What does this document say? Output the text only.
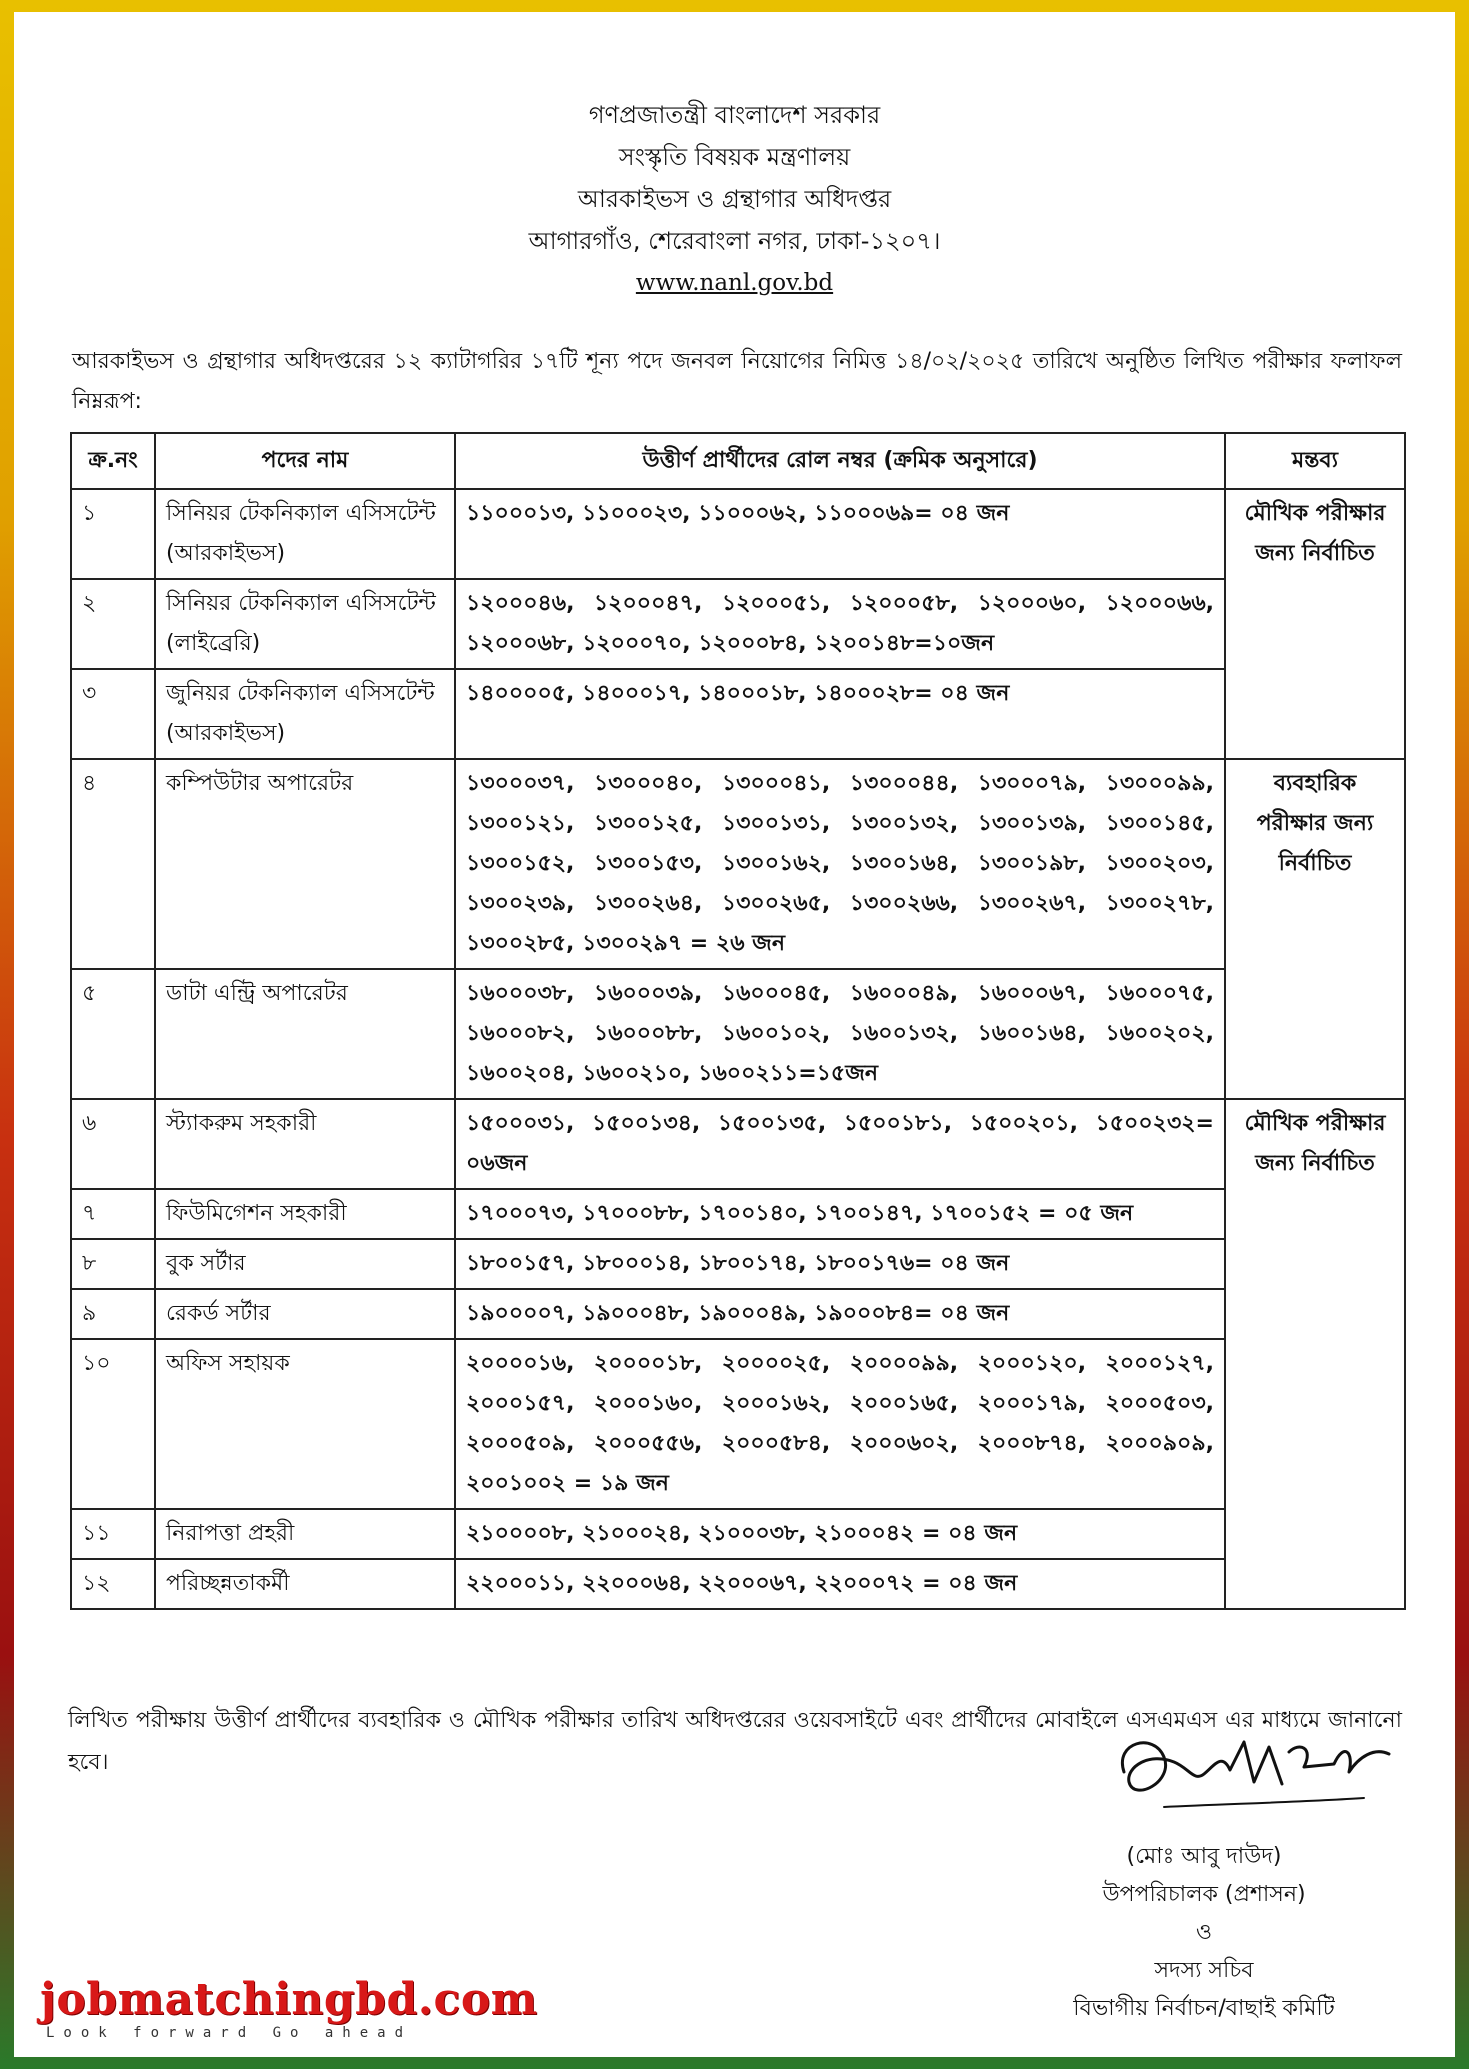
গণপ্রজাতন্ত্রী বাংলাদেশ সরকার
সংস্কৃতি বিষয়ক মন্ত্রণালয়
আরকাইভস ও গ্রন্থাগার অধিদপ্তর
আগারগাঁও, শেরেবাংলা নগর, ঢাকা-১২০৭।
www.nanl.gov.bd
আরকাইভস ও গ্রন্থাগার অধিদপ্তরের ১২ ক্যাটাগরির ১৭টি শূন্য পদে জনবল নিয়োগের নিমিত্ত ১৪/০২/২০২৫ তারিখে অনুষ্ঠিত লিখিত পরীক্ষার ফলাফল নিম্নরূপ:
ক্র.নং	পদের নাম	উত্তীর্ণ প্রার্থীদের রোল নম্বর (ক্রমিক অনুসারে)	মন্তব্য
১	সিনিয়র টেকনিক্যাল এসিসটেন্ট (আরকাইভস)	১১০০০১৩, ১১০০০২৩, ১১০০০৬২, ১১০০০৬৯= ০৪ জন	মৌখিক পরীক্ষার জন্য নির্বাচিত
২	সিনিয়র টেকনিক্যাল এসিসটেন্ট (লাইব্রেরি)	১২০০০৪৬, ১২০০০৪৭, ১২০০০৫১, ১২০০০৫৮, ১২০০০৬০, ১২০০০৬৬, ১২০০০৬৮, ১২০০০৭০, ১২০০০৮৪, ১২০০১৪৮=১০জন	
৩	জুনিয়র টেকনিক্যাল এসিসটেন্ট (আরকাইভস)	১৪০০০০৫, ১৪০০০১৭, ১৪০০০১৮, ১৪০০০২৮= ০৪ জন	
৪	কম্পিউটার অপারেটর	১৩০০০৩৭, ১৩০০০৪০, ১৩০০০৪১, ১৩০০০৪৪, ১৩০০০৭৯, ১৩০০০৯৯, ১৩০০১২১, ১৩০০১২৫, ১৩০০১৩১, ১৩০০১৩২, ১৩০০১৩৯, ১৩০০১৪৫, ১৩০০১৫২, ১৩০০১৫৩, ১৩০০১৬২, ১৩০০১৬৪, ১৩০০১৯৮, ১৩০০২০৩, ১৩০০২৩৯, ১৩০০২৬৪, ১৩০০২৬৫, ১৩০০২৬৬, ১৩০০২৬৭, ১৩০০২৭৮, ১৩০০২৮৫, ১৩০০২৯৭ = ২৬ জন	ব্যবহারিক পরীক্ষার জন্য নির্বাচিত
৫	ডাটা এন্ট্রি অপারেটর	১৬০০০৩৮, ১৬০০০৩৯, ১৬০০০৪৫, ১৬০০০৪৯, ১৬০০০৬৭, ১৬০০০৭৫, ১৬০০০৮২, ১৬০০০৮৮, ১৬০০১০২, ১৬০০১৩২, ১৬০০১৬৪, ১৬০০২০২, ১৬০০২০৪, ১৬০০২১০, ১৬০০২১১=১৫জন	
৬	স্ট্যাকরুম সহকারী	১৫০০০৩১, ১৫০০১৩৪, ১৫০০১৩৫, ১৫০০১৮১, ১৫০০২০১, ১৫০০২৩২= ০৬জন	মৌখিক পরীক্ষার জন্য নির্বাচিত
৭	ফিউমিগেশন সহকারী	১৭০০০৭৩, ১৭০০০৮৮, ১৭০০১৪০, ১৭০০১৪৭, ১৭০০১৫২ = ০৫ জন	
৮	বুক সর্টার	১৮০০১৫৭, ১৮০০০১৪, ১৮০০১৭৪, ১৮০০১৭৬= ০৪ জন	
৯	রেকর্ড সর্টার	১৯০০০০৭, ১৯০০০৪৮, ১৯০০০৪৯, ১৯০০০৮৪= ০৪ জন	
১০	অফিস সহায়ক	২০০০০১৬, ২০০০০১৮, ২০০০০২৫, ২০০০০৯৯, ২০০০১২০, ২০০০১২৭, ২০০০১৫৭, ২০০০১৬০, ২০০০১৬২, ২০০০১৬৫, ২০০০১৭৯, ২০০০৫০৩, ২০০০৫০৯, ২০০০৫৫৬, ২০০০৫৮৪, ২০০০৬০২, ২০০০৮৭৪, ২০০০৯০৯, ২০০১০০২ = ১৯ জন	
১১	নিরাপত্তা প্রহরী	২১০০০০৮, ২১০০০২৪, ২১০০০৩৮, ২১০০০৪২ = ০৪ জন	
১২	পরিচ্ছন্নতাকর্মী	২২০০০১১, ২২০০০৬৪, ২২০০০৬৭, ২২০০০৭২ = ০৪ জন	
লিখিত পরীক্ষায় উত্তীর্ণ প্রার্থীদের ব্যবহারিক ও মৌখিক পরীক্ষার তারিখ অধিদপ্তরের ওয়েবসাইটে এবং প্রার্থীদের মোবাইলে এসএমএস এর মাধ্যমে জানানো হবে।
(মোঃ আবু দাউদ)
উপপরিচালক (প্রশাসন)
ও
সদস্য সচিব
বিভাগীয় নির্বাচন/বাছাই কমিটি
jobmatchingbd.com
Look forward Go ahead
